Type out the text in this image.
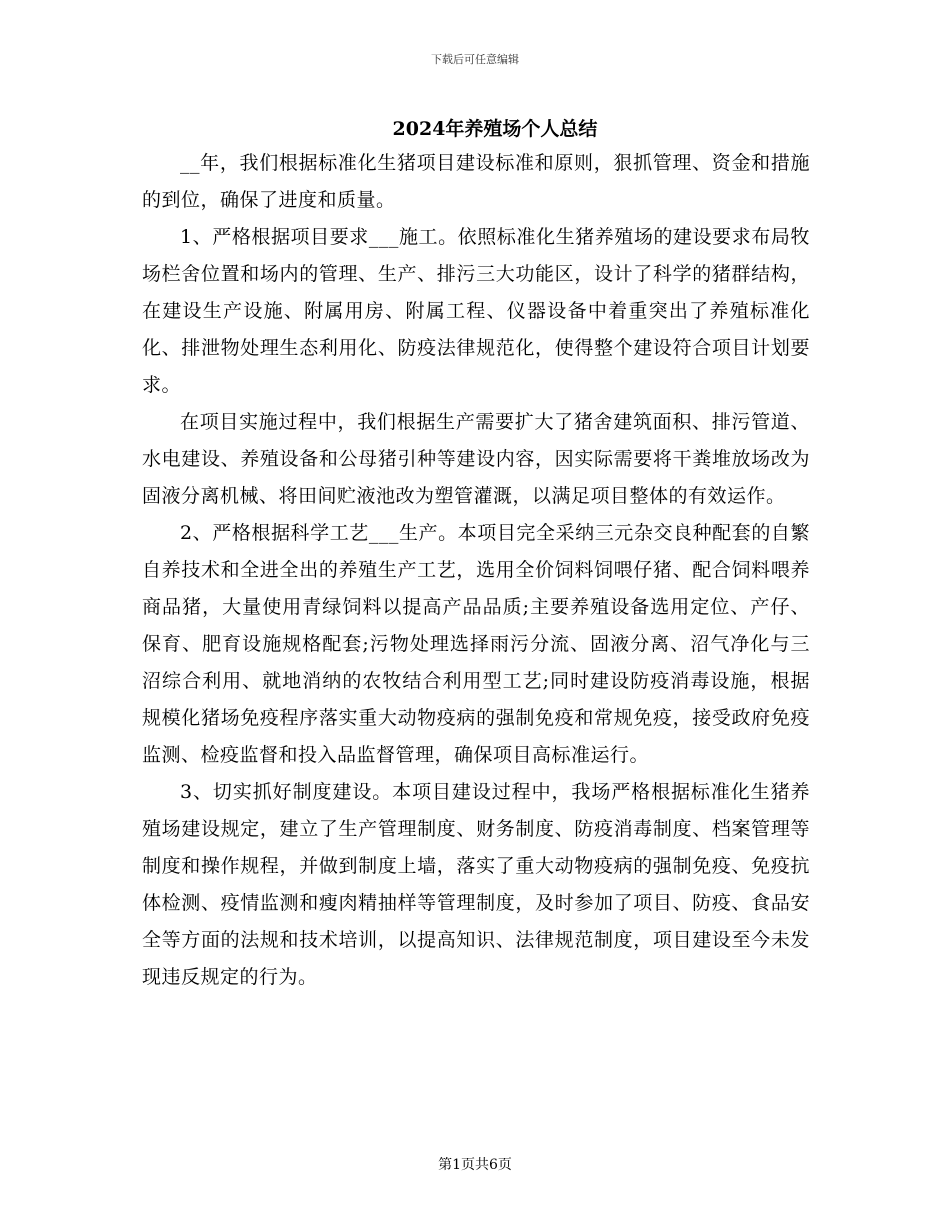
下载后可任意编辑
2024年养殖场个人总结

__年，我们根据标准化生猪项目建设标准和原则，狠抓管理、资金和措施的到位，确保了进度和质量。

1、严格根据项目要求___施工。依照标准化生猪养殖场的建设要求布局牧场栏舍位置和场内的管理、生产、排污三大功能区，设计了科学的猪群结构，在建设生产设施、附属用房、附属工程、仪器设备中着重突出了养殖标准化化、排泄物处理生态利用化、防疫法律规范化，使得整个建设符合项目计划要求。

在项目实施过程中，我们根据生产需要扩大了猪舍建筑面积、排污管道、水电建设、养殖设备和公母猪引种等建设内容，因实际需要将干粪堆放场改为固液分离机械、将田间贮液池改为塑管灌溉，以满足项目整体的有效运作。

2、严格根据科学工艺___生产。本项目完全采纳三元杂交良种配套的自繁自养技术和全进全出的养殖生产工艺，选用全价饲料饲喂仔猪、配合饲料喂养商品猪，大量使用青绿饲料以提高产品品质;主要养殖设备选用定位、产仔、保育、肥育设施规格配套;污物处理选择雨污分流、固液分离、沼气净化与三沼综合利用、就地消纳的农牧结合利用型工艺;同时建设防疫消毒设施，根据规模化猪场免疫程序落实重大动物疫病的强制免疫和常规免疫，接受政府免疫监测、检疫监督和投入品监督管理，确保项目高标准运行。

3、切实抓好制度建设。本项目建设过程中，我场严格根据标准化生猪养殖场建设规定，建立了生产管理制度、财务制度、防疫消毒制度、档案管理等制度和操作规程，并做到制度上墙，落实了重大动物疫病的强制免疫、免疫抗体检测、疫情监测和瘦肉精抽样等管理制度，及时参加了项目、防疫、食品安全等方面的法规和技术培训，以提高知识、法律规范制度，项目建设至今未发现违反规定的行为。

第1页共6页
